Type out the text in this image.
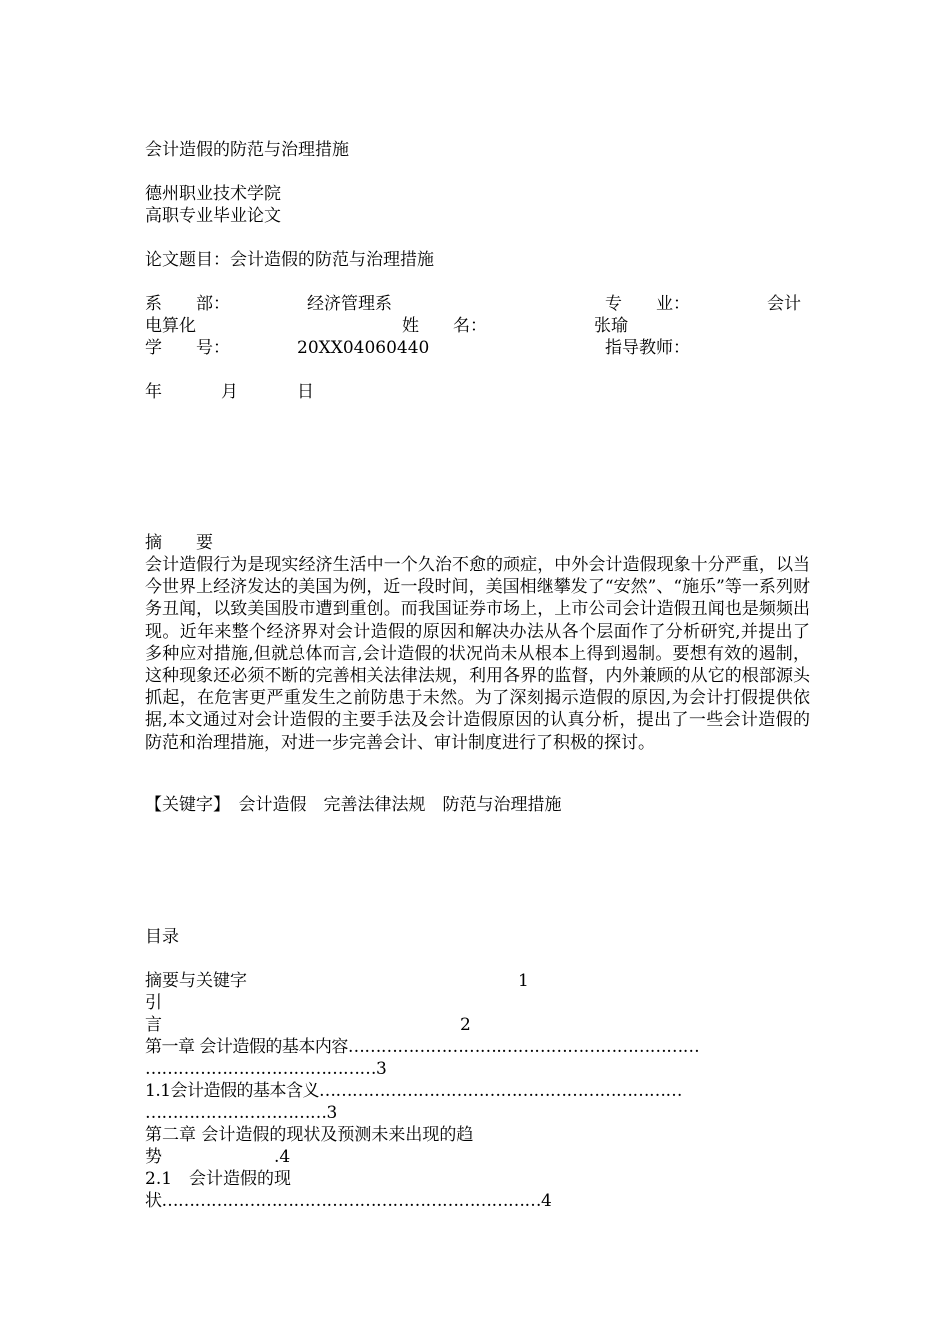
会计造假的防范与治理措施
德州职业技术学院
高职专业毕业论文
论文题目：会计造假的防范与治理措施
系　　部：	经济管理系	专　　业：	会计
电算化	姓　　名：	张瑜
学　　号：	20XX04060440	指导教师：
年	月	日
摘　　要
会计造假行为是现实经济生活中一个久治不愈的顽症，中外会计造假现象十分严重，以当今世界上经济发达的美国为例，近一段时间，美国相继攀发了“安然”、“施乐”等一系列财务丑闻，以致美国股市遭到重创。而我国证券市场上，上市公司会计造假丑闻也是频频出现。近年来整个经济界对会计造假的原因和解决办法从各个层面作了分析研究,并提出了多种应对措施,但就总体而言,会计造假的状况尚未从根本上得到遏制。要想有效的遏制，这种现象还必须不断的完善相关法律法规，利用各界的监督，内外兼顾的从它的根部源头抓起，在危害更严重发生之前防患于未然。为了深刻揭示造假的原因,为会计打假提供依据,本文通过对会计造假的主要手法及会计造假原因的认真分析，提出了一些会计造假的防范和治理措施，对进一步完善会计、审计制度进行了积极的探讨。
【关键字】　会计造假　完善法律法规　防范与治理措施
目录
摘要与关键字	1
引
言	2
第一章 会计造假的基本内容……………………….………………………………
……………………………………3
1.1会计造假的基本含义…………………………………………………………
……………………………3
第二章 会计造假的现状及预测未来出现的趋
势	.4
2.1　会计造假的现
状……………………………………………………………4
